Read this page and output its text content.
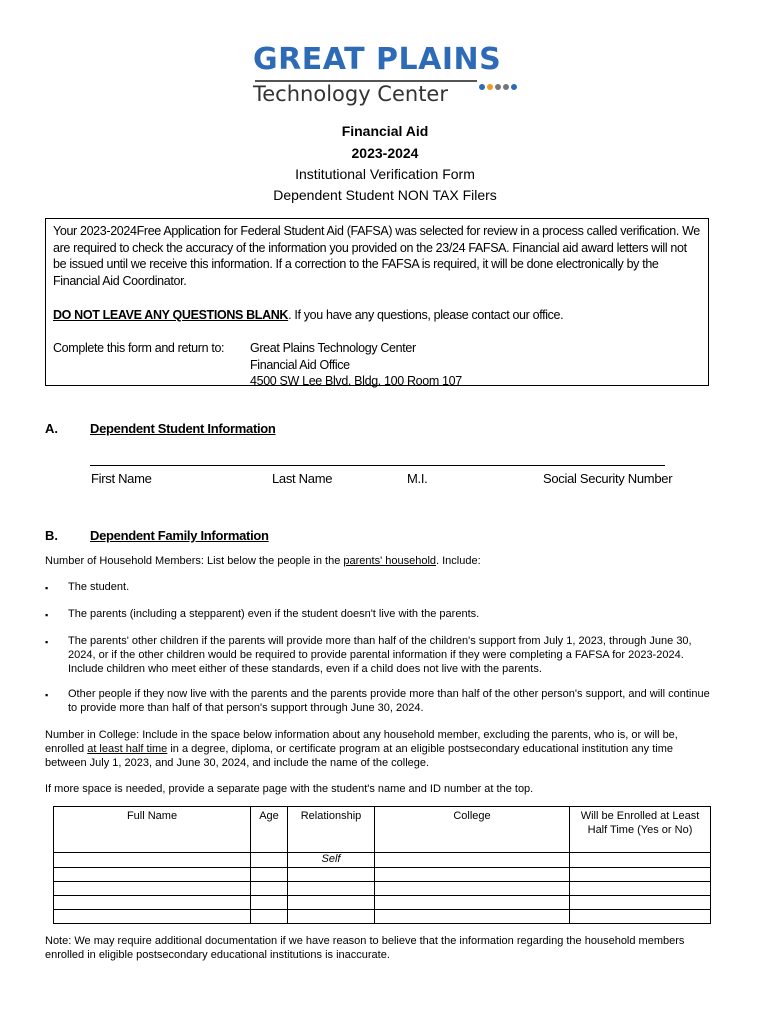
GREAT PLAINS
Technology Center
Financial Aid
2023-2024
Institutional Verification Form
Dependent Student NON TAX Filers
Your 2023-2024Free Application for Federal Student Aid (FAFSA) was selected for review in a process called verification. We are required to check the accuracy of the information you provided on the 23/24 FAFSA. Financial aid award letters will not be issued until we receive this information. If a correction to the FAFSA is required, it will be done electronically by the Financial Aid Coordinator.
DO NOT LEAVE ANY QUESTIONS BLANK. If you have any questions, please contact our office.
Complete this form and return to: Great Plains Technology Center
Financial Aid Office
4500 SW Lee Blvd. Bldg. 100 Room 107
A. Dependent Student Information
First Name	Last Name	M.I.	Social Security Number
B. Dependent Family Information
Number of Household Members: List below the people in the parents' household. Include:
▪ The student.
▪ The parents (including a stepparent) even if the student doesn't live with the parents.
▪ The parents' other children if the parents will provide more than half of the children's support from July 1, 2023, through June 30, 2024, or if the other children would be required to provide parental information if they were completing a FAFSA for 2023-2024. Include children who meet either of these standards, even if a child does not live with the parents.
▪ Other people if they now live with the parents and the parents provide more than half of the other person's support, and will continue to provide more than half of that person's support through June 30, 2024.
Number in College: Include in the space below information about any household member, excluding the parents, who is, or will be, enrolled at least half time in a degree, diploma, or certificate program at an eligible postsecondary educational institution any time between July 1, 2023, and June 30, 2024, and include the name of the college.
If more space is needed, provide a separate page with the student's name and ID number at the top.
Full Name	Age	Relationship	College	Will be Enrolled at Least Half Time (Yes or No)
		Self		

Note: We may require additional documentation if we have reason to believe that the information regarding the household members enrolled in eligible postsecondary educational institutions is inaccurate.
